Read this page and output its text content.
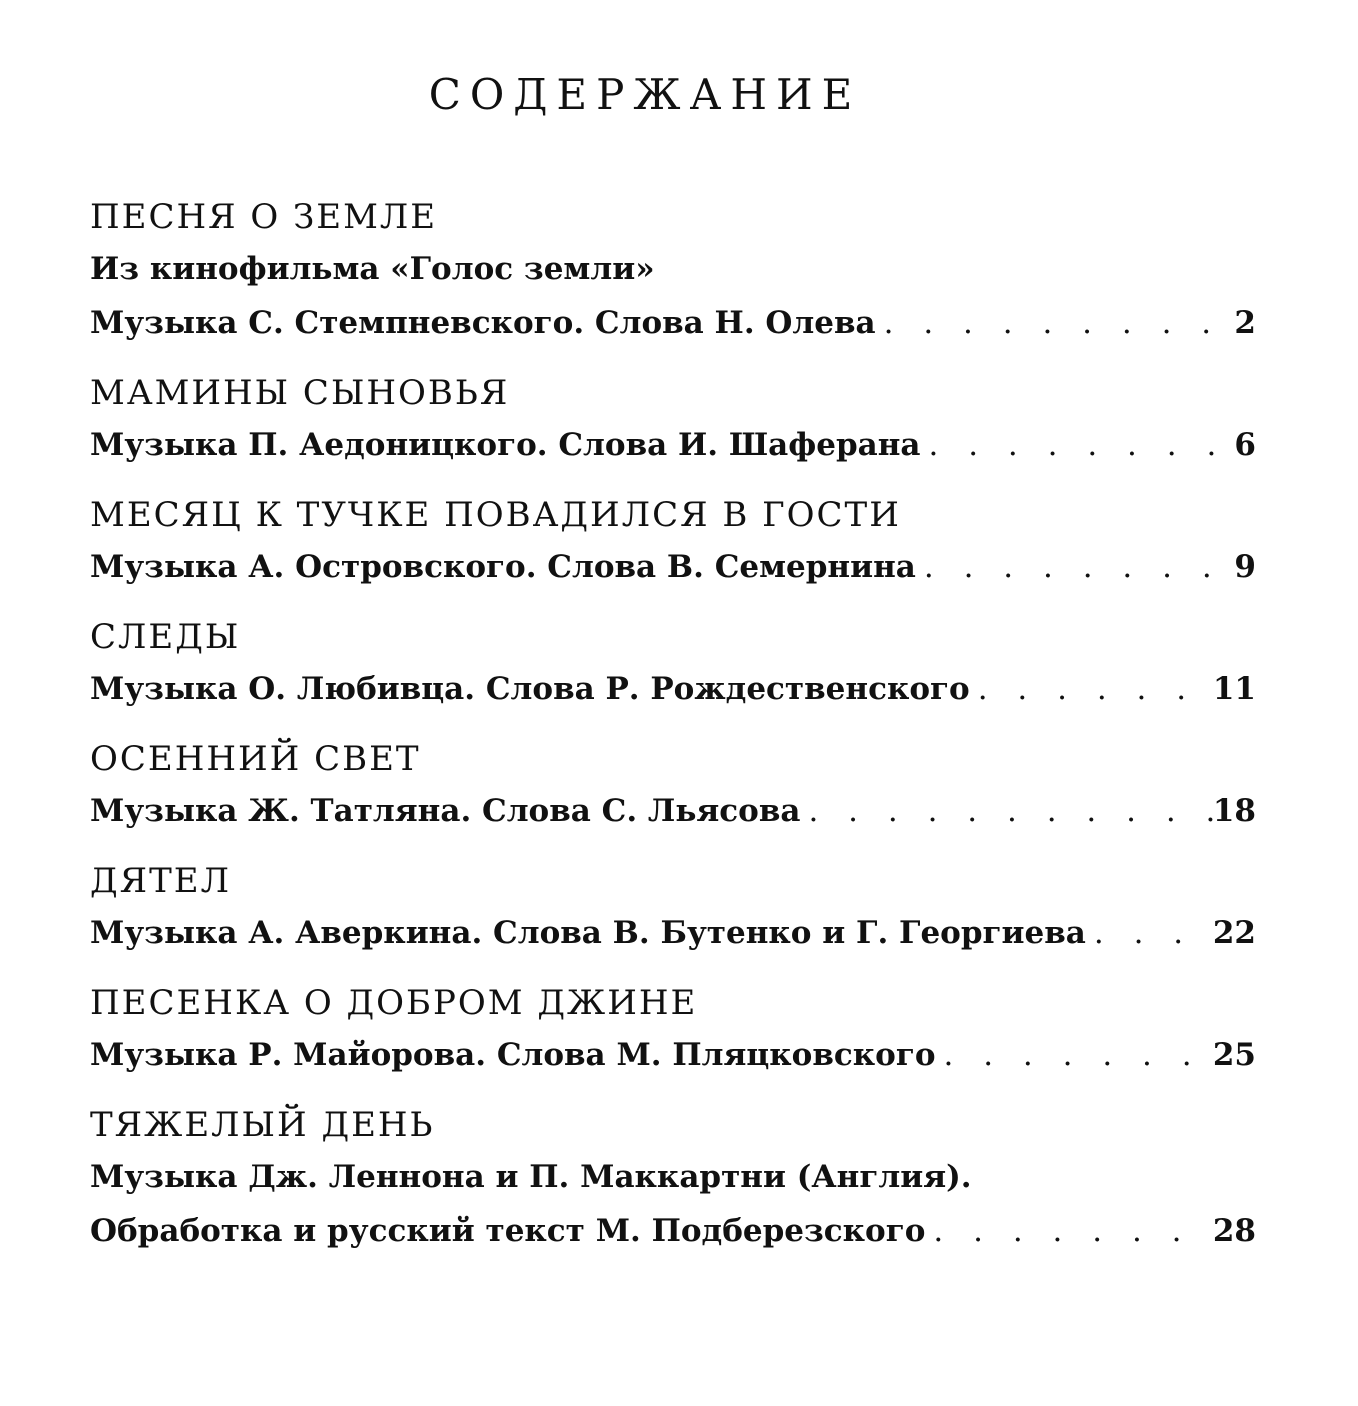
СОДЕРЖАНИЕ
ПЕСНЯ О ЗЕМЛЕ
Из кинофильма «Голос земли»
Музыка С. Стемпневского. Слова Н. Олева . . .	2
МАМИНЫ СЫНОВЬЯ
Музыка П. Аедоницкого. Слова И. Шаферана . . .	6
МЕСЯЦ К ТУЧКЕ ПОВАДИЛСЯ В ГОСТИ
Музыка А. Островского. Слова В. Семернина . . .	9
СЛЕДЫ
Музыка О. Любивца. Слова Р. Рождественского . . .	11
ОСЕННИЙ СВЕТ
Музыка Ж. Татляна. Слова С. Льясова . . .	18
ДЯТЕЛ
Музыка А. Аверкина. Слова В. Бутенко и Г. Георгиева . . .	22
ПЕСЕНКА О ДОБРОМ ДЖИНЕ
Музыка Р. Майорова. Слова М. Пляцковского . . .	25
ТЯЖЕЛЫЙ ДЕНЬ
Музыка Дж. Леннона и П. Маккартни (Англия).
Обработка и русский текст М. Подберезского . . .	28
